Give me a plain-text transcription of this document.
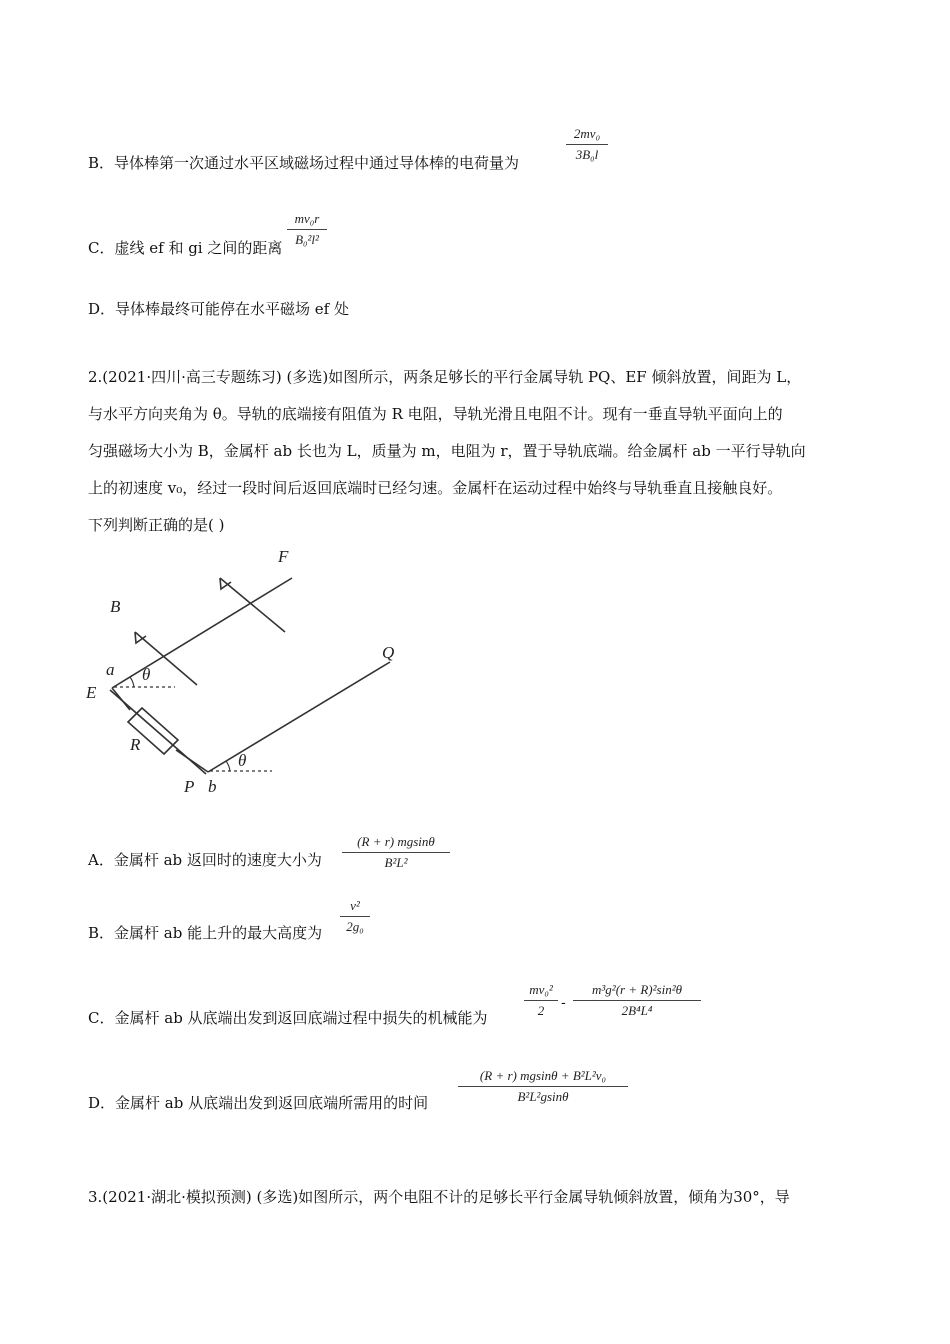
B．导体棒第一次通过水平区域磁场过程中通过导体棒的电荷量为	$\frac{\text{2mv₀}}{\text{3B₀l}}$
C．虚线 ef 和 gi 之间的距离 $\frac{\text{mv₀r}}{\text{B₀²l²}}$
D．导体棒最终可能停在水平磁场 ef 处
2.(2021·四川·高三专题练习) (多选)如图所示，两条足够长的平行金属导轨 PQ、EF 倾斜放置，间距为 L，
与水平方向夹角为 θ。导轨的底端接有阻值为 R 电阻，导轨光滑且电阻不计。现有一垂直导轨平面向上的
匀强磁场大小为 B，金属杆 ab 长也为 L，质量为 m，电阻为 r，置于导轨底端。给金属杆 ab 一平行导轨向
上的初速度 v₀，经过一段时间后返回底端时已经匀速。金属杆在运动过程中始终与导轨垂直且接触良好。
下列判断正确的是( )
F
B
a θ
E
R
Q
θ
P b
A．金属杆 ab 返回时的速度大小为 $\frac{(R + r) mgsin\theta}{\text{B²L²}}$
B．金属杆 ab 能上升的最大高度为 $\frac{\text{v²}}{\text{2g₀}}$
C．金属杆 ab 从底端出发到返回底端过程中损失的机械能为	$\frac{\text{mv₀²}}{2} - \frac{\text{m³g²(r + R)²sin²θ}}{\text{2B⁴L⁴}}$
D．金属杆 ab 从底端出发到返回底端所需用的时间 $\frac{\text{(R + r) mgsinθ + B²L²v₀}}{\text{B²L²gsinθ}}$
3.(2021·湖北·模拟预测) (多选)如图所示，两个电阻不计的足够长平行金属导轨倾斜放置，倾角为30°，导
